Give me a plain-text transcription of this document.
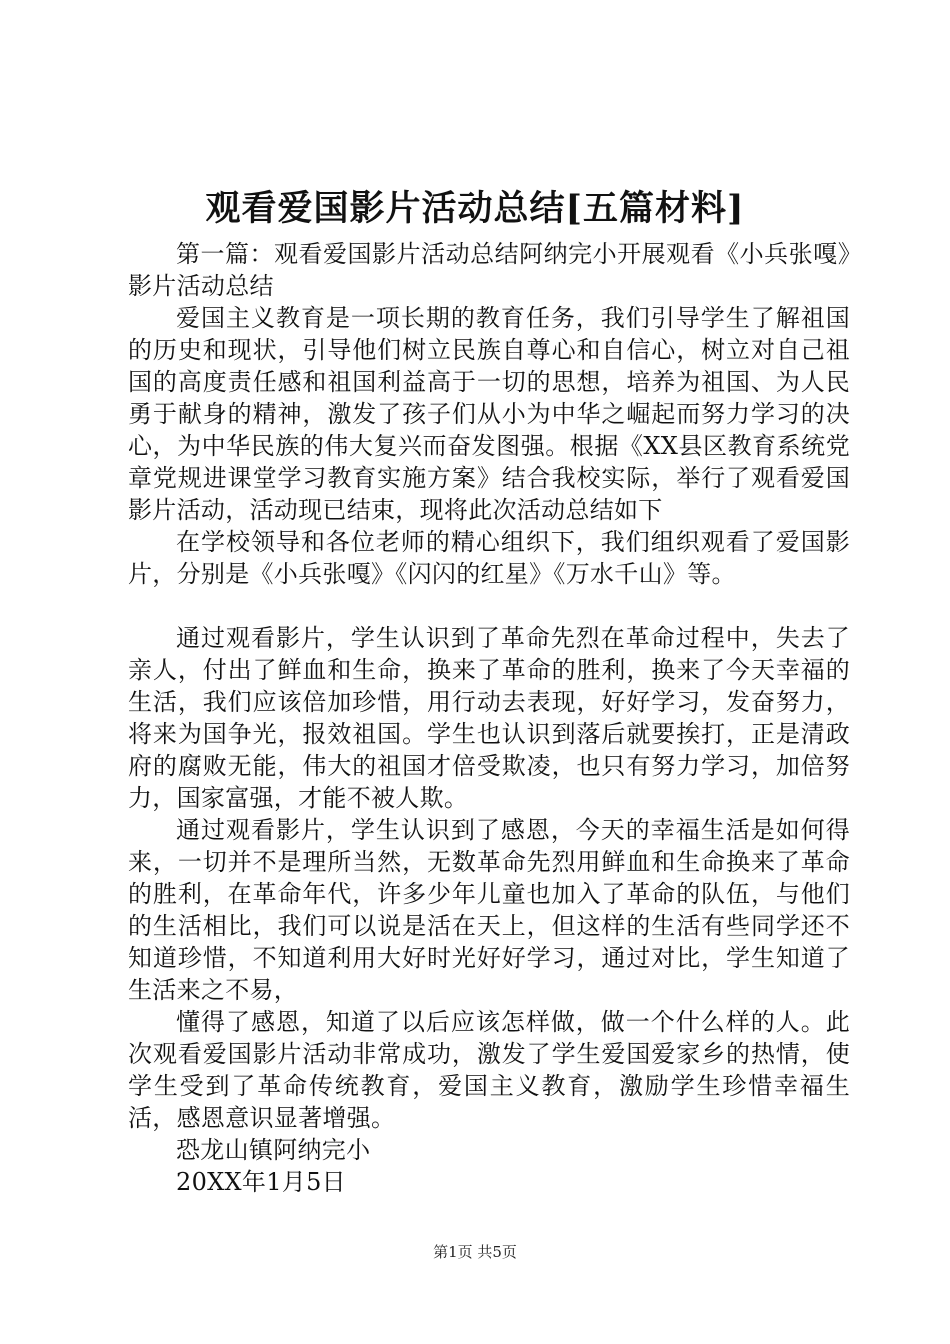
观看爱国影片活动总结[五篇材料]

第一篇：观看爱国影片活动总结阿纳完小开展观看《小兵张嘎》影片活动总结

爱国主义教育是一项长期的教育任务，我们引导学生了解祖国的历史和现状，引导他们树立民族自尊心和自信心，树立对自己祖国的高度责任感和祖国利益高于一切的思想，培养为祖国、为人民勇于献身的精神，激发了孩子们从小为中华之崛起而努力学习的决心，为中华民族的伟大复兴而奋发图强。根据《XX县区教育系统党章党规进课堂学习教育实施方案》结合我校实际，举行了观看爱国影片活动，活动现已结束，现将此次活动总结如下

在学校领导和各位老师的精心组织下，我们组织观看了爱国影片，分别是《小兵张嘎》《闪闪的红星》《万水千山》等。

通过观看影片，学生认识到了革命先烈在革命过程中，失去了亲人，付出了鲜血和生命，换来了革命的胜利，换来了今天幸福的生活，我们应该倍加珍惜，用行动去表现，好好学习，发奋努力，将来为国争光，报效祖国。学生也认识到落后就要挨打，正是清政府的腐败无能，伟大的祖国才倍受欺凌，也只有努力学习，加倍努力，国家富强，才能不被人欺。

通过观看影片，学生认识到了感恩，今天的幸福生活是如何得来，一切并不是理所当然，无数革命先烈用鲜血和生命换来了革命的胜利，在革命年代，许多少年儿童也加入了革命的队伍，与他们的生活相比，我们可以说是活在天上，但这样的生活有些同学还不知道珍惜，不知道利用大好时光好好学习，通过对比，学生知道了生活来之不易，

懂得了感恩，知道了以后应该怎样做，做一个什么样的人。此次观看爱国影片活动非常成功，激发了学生爱国爱家乡的热情，使学生受到了革命传统教育，爱国主义教育，激励学生珍惜幸福生活，感恩意识显著增强。

恐龙山镇阿纳完小

20XX年1月5日

第1页 共5页
